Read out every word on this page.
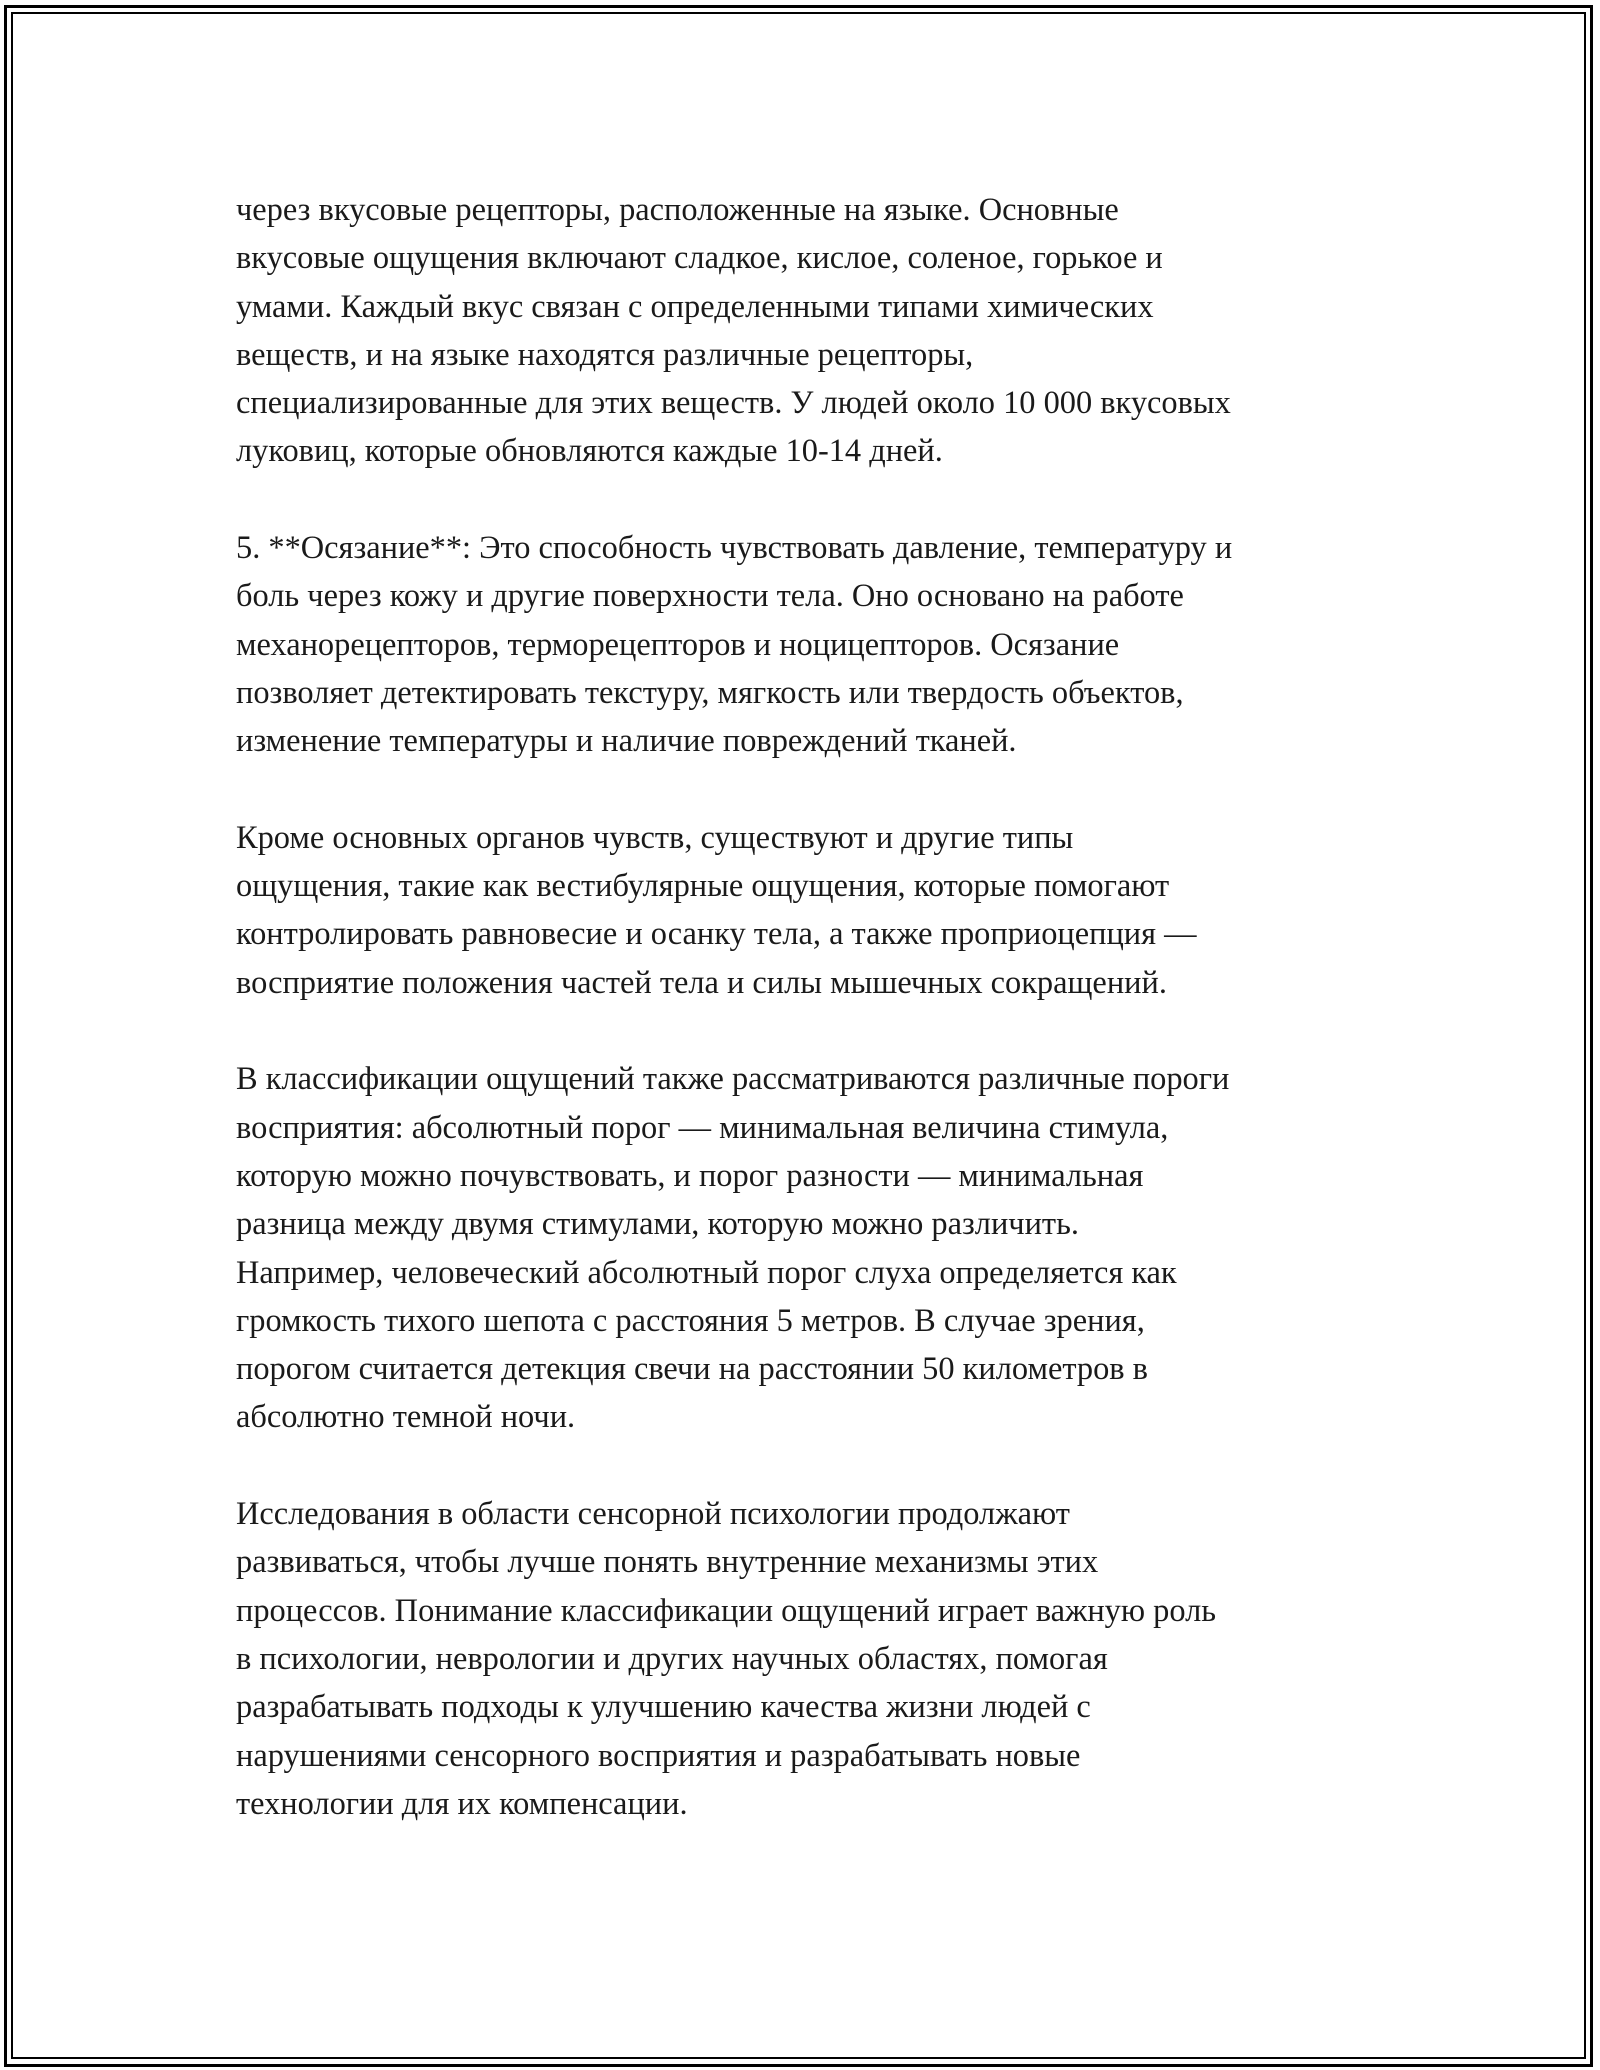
через вкусовые рецепторы, расположенные на языке. Основные
вкусовые ощущения включают сладкое, кислое, соленое, горькое и
умами. Каждый вкус связан с определенными типами химических
веществ, и на языке находятся различные рецепторы,
специализированные для этих веществ. У людей около 10 000 вкусовых
луковиц, которые обновляются каждые 10-14 дней.

5. **Осязание**: Это способность чувствовать давление, температуру и
боль через кожу и другие поверхности тела. Оно основано на работе
механорецепторов, терморецепторов и ноцицепторов. Осязание
позволяет детектировать текстуру, мягкость или твердость объектов,
изменение температуры и наличие повреждений тканей.

Кроме основных органов чувств, существуют и другие типы
ощущения, такие как вестибулярные ощущения, которые помогают
контролировать равновесие и осанку тела, а также проприоцепция —
восприятие положения частей тела и силы мышечных сокращений.

В классификации ощущений также рассматриваются различные пороги
восприятия: абсолютный порог — минимальная величина стимула,
которую можно почувствовать, и порог разности — минимальная
разница между двумя стимулами, которую можно различить.
Например, человеческий абсолютный порог слуха определяется как
громкость тихого шепота с расстояния 5 метров. В случае зрения,
порогом считается детекция свечи на расстоянии 50 километров в
абсолютно темной ночи.

Исследования в области сенсорной психологии продолжают
развиваться, чтобы лучше понять внутренние механизмы этих
процессов. Понимание классификации ощущений играет важную роль
в психологии, неврологии и других научных областях, помогая
разрабатывать подходы к улучшению качества жизни людей с
нарушениями сенсорного восприятия и разрабатывать новые
технологии для их компенсации.
